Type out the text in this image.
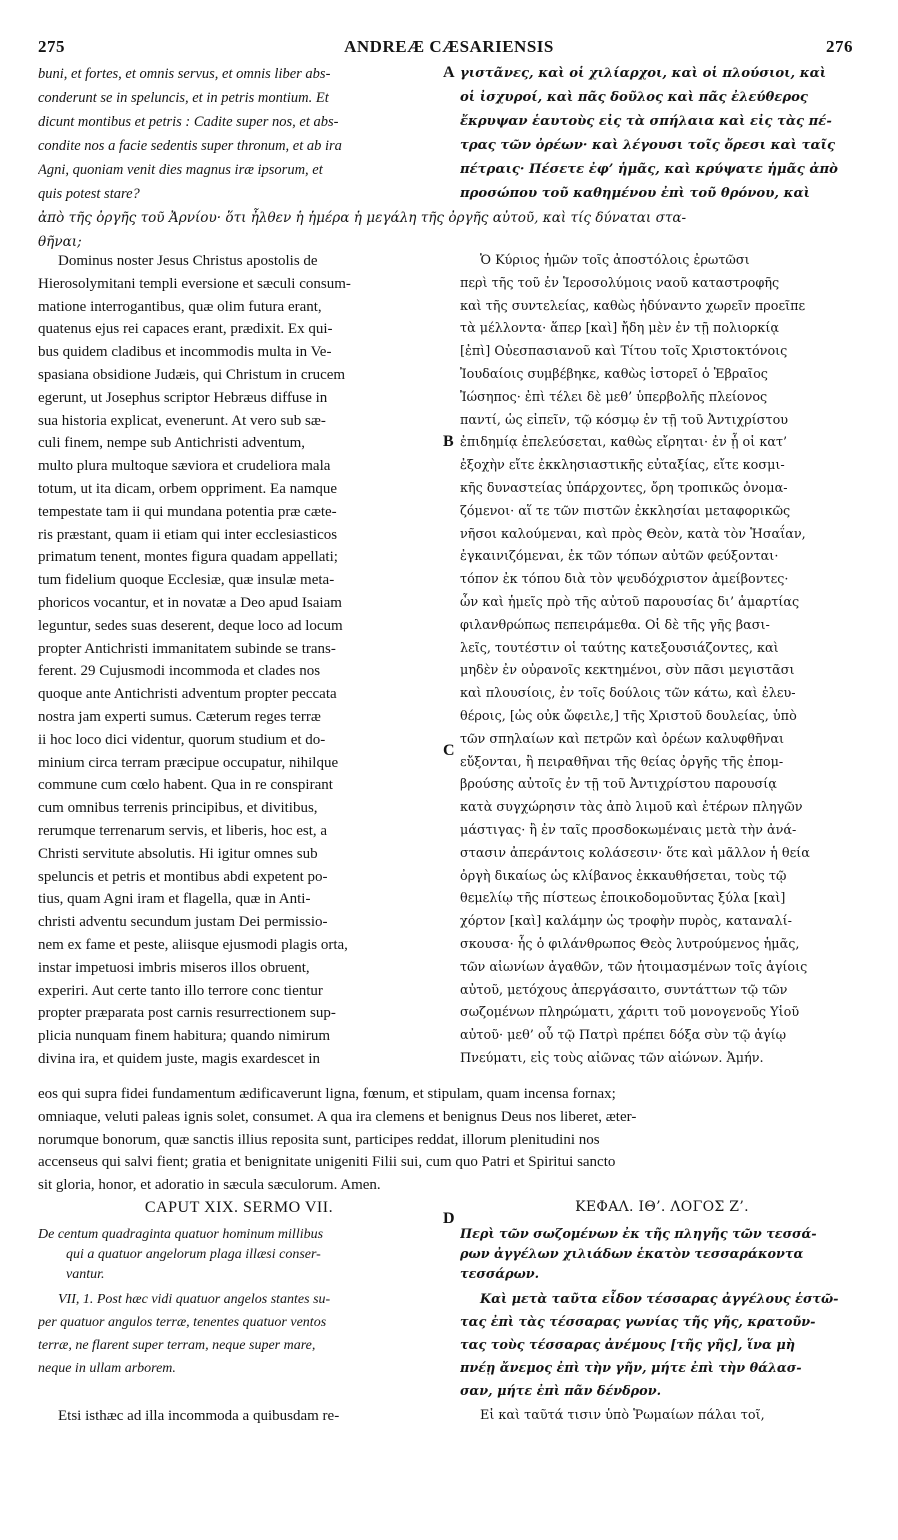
275	ANDREÆ CÆSARIENSIS	276
A
B
C
D
buni, et fortes, et omnis servus, et omnis liber abs-
conderunt se in speluncis, et in petris montium. Et
dicunt montibus et petris : Cadite super nos, et abs-
condite nos a facie sedentis super thronum, et ab ira
Agni, quoniam venit dies magnus iræ ipsorum, et
quis potest stare?
γιστᾶνες, καὶ οἱ χιλίαρχοι, καὶ οἱ πλούσιοι, καὶ
οἱ ἰσχυροί, καὶ πᾶς δοῦλος καὶ πᾶς ἐλεύθερος
ἔκρυψαν ἑαυτοὺς εἰς τὰ σπήλαια καὶ εἰς τὰς πέ-
τρας τῶν ὀρέων· καὶ λέγουσι τοῖς ὄρεσι καὶ ταῖς
πέτραις· Πέσετε ἐφ’ ἡμᾶς, καὶ κρύψατε ἡμᾶς ἀπὸ
προσώπου τοῦ καθημένου ἐπὶ τοῦ θρόνου, καὶ
ἀπὸ τῆς ὀργῆς τοῦ Ἀρνίου· ὅτι ἦλθεν ἡ ἡμέρα ἡ μεγάλη τῆς ὀργῆς αὐτοῦ, καὶ τίς δύναται στα-
θῆναι;
Dominus noster Jesus Christus apostolis de
Hierosolymitani templi eversione et sæculi consum-
matione interrogantibus, quæ olim futura erant,
quatenus ejus rei capaces erant, prædixit. Ex qui-
bus quidem cladibus et incommodis multa in Ve-
spasiana obsidione Judæis, qui Christum in crucem
egerunt, ut Josephus scriptor Hebræus diffuse in
sua historia explicat, evenerunt. At vero sub sæ-
culi finem, nempe sub Antichristi adventum,
multo plura multoque sæviora et crudeliora mala
totum, ut ita dicam, orbem oppriment. Ea namque
tempestate tam ii qui mundana potentia præ cæte-
ris præstant, quam ii etiam qui inter ecclesiasticos
primatum tenent, montes figura quadam appellati;
tum fidelium quoque Ecclesiæ, quæ insulæ meta-
phoricos vocantur, et in novatæ a Deo apud Isaiam
leguntur, sedes suas deserent, deque loco ad locum
propter Antichristi immanitatem subinde se trans-
ferent. 29 Cujusmodi incommoda et clades nos
quoque ante Antichristi adventum propter peccata
nostra jam experti sumus. Cæterum reges terræ
ii hoc loco dici videntur, quorum studium et do-
minium circa terram præcipue occupatur, nihilque
commune cum cœlo habent. Qua in re conspirant
cum omnibus terrenis principibus, et divitibus,
rerumque terrenarum servis, et liberis, hoc est, a
Christi servitute absolutis. Hi igitur omnes sub
speluncis et petris et montibus abdi expetent po-
tius, quam Agni iram et flagella, quæ in Anti-
christi adventu secundum justam Dei permissio-
nem ex fame et peste, aliisque ejusmodi plagis orta,
instar impetuosi imbris miseros illos obruent,
experiri. Aut certe tanto illo terrore conc tientur
propter præparata post carnis resurrectionem sup-
plicia nunquam finem habitura; quando nimirum
divina ira, et quidem juste, magis exardescet in
Ὁ Κύριος ἡμῶν τοῖς ἀποστόλοις ἐρωτῶσι
περὶ τῆς τοῦ ἐν Ἱεροσολύμοις ναοῦ καταστροφῆς
καὶ τῆς συντελείας, καθὼς ἠδύναντο χωρεῖν προεῖπε
τὰ μέλλοντα· ἅπερ [καὶ] ἤδη μὲν ἐν τῇ πολιορκίᾳ
[ἐπὶ] Οὐεσπασιανοῦ καὶ Τίτου τοῖς Χριστοκτόνοις
Ἰουδαίοις συμβέβηκε, καθὼς ἱστορεῖ ὁ Ἑβραῖος
Ἰώσηπος· ἐπὶ τέλει δὲ μεθ’ ὑπερβολῆς πλείονος
παντί, ὡς εἰπεῖν, τῷ κόσμῳ ἐν τῇ τοῦ Ἀντιχρίστου
ἐπιδημίᾳ ἐπελεύσεται, καθὼς εἴρηται· ἐν ᾗ οἱ κατ’
ἐξοχὴν εἴτε ἐκκλησιαστικῆς εὐταξίας, εἴτε κοσμι-
κῆς δυναστείας ὑπάρχοντες, ὄρη τροπικῶς ὀνομα-
ζόμενοι· αἵ τε τῶν πιστῶν ἐκκλησίαι μεταφορικῶς
νῆσοι καλούμεναι, καὶ πρὸς Θεὸν, κατὰ τὸν Ἡσαΐαν,
ἐγκαινιζόμεναι, ἐκ τῶν τόπων αὐτῶν φεύξονται·
τόπον ἐκ τόπου διὰ τὸν ψευδόχριστον ἀμείβοντες·
ὧν καὶ ἡμεῖς πρὸ τῆς αὐτοῦ παρουσίας δι’ ἁμαρτίας
φιλανθρώπως πεπειράμεθα. Οἱ δὲ τῆς γῆς βασι-
λεῖς, τουτέστιν οἱ ταύτης κατεξουσιάζοντες, καὶ
μηδὲν ἐν οὐρανοῖς κεκτημένοι, σὺν πᾶσι μεγιστᾶσι
καὶ πλουσίοις, ἐν τοῖς δούλοις τῶν κάτω, καὶ ἐλευ-
θέροις, [ὡς οὐκ ὤφειλε,] τῆς Χριστοῦ δουλείας, ὑπὸ
τῶν σπηλαίων καὶ πετρῶν καὶ ὀρέων καλυφθῆναι
εὔξονται, ἢ πειραθῆναι τῆς θείας ὀργῆς τῆς ἐπομ-
βρούσης αὐτοῖς ἐν τῇ τοῦ Ἀντιχρίστου παρουσίᾳ
κατὰ συγχώρησιν τὰς ἀπὸ λιμοῦ καὶ ἑτέρων πληγῶν
μάστιγας· ἢ ἐν ταῖς προσδοκωμέναις μετὰ τὴν ἀνά-
στασιν ἀπεράντοις κολάσεσιν· ὅτε καὶ μᾶλλον ἡ θεία
ὀργὴ δικαίως ὡς κλίβανος ἐκκαυθήσεται, τοὺς τῷ
θεμελίῳ τῆς πίστεως ἐποικοδομοῦντας ξύλα [καὶ]
χόρτον [καὶ] καλάμην ὡς τροφὴν πυρὸς, καταναλί-
σκουσα· ἧς ὁ φιλάνθρωπος Θεὸς λυτρούμενος ἡμᾶς,
τῶν αἰωνίων ἀγαθῶν, τῶν ἡτοιμασμένων τοῖς ἁγίοις
αὐτοῦ, μετόχους ἀπεργάσαιτο, συντάττων τῷ τῶν
σωζομένων πληρώματι, χάριτι τοῦ μονογενοῦς Υἱοῦ
αὐτοῦ· μεθ’ οὗ τῷ Πατρὶ πρέπει δόξα σὺν τῷ ἁγίῳ
Πνεύματι, εἰς τοὺς αἰῶνας τῶν αἰώνων. Ἀμήν.
eos qui supra fidei fundamentum ædificaverunt ligna, fœnum, et stipulam, quam incensa fornax;
omniaque, veluti paleas ignis solet, consumet. A qua ira clemens et benignus Deus nos liberet, æter-
norumque bonorum, quæ sanctis illius reposita sunt, participes reddat, illorum plenitudini nos
accenseus qui salvi fient; gratia et benignitate unigeniti Filii sui, cum quo Patri et Spiritui sancto
sit gloria, honor, et adoratio in sæcula sæculorum. Amen.
CAPUT XIX. SERMO VII.
De centum quadraginta quatuor hominum millibus
qui a quatuor angelorum plaga illæsi conser-
vantur.
VII, 1. Post hæc vidi quatuor angelos stantes su-
per quatuor angulos terræ, tenentes quatuor ventos
terræ, ne flarent super terram, neque super mare,
neque in ullam arborem.
Etsi isthæc ad illa incommoda a quibusdam re-
ΚΕΦΑΛ. ΙΘ’. ΛΟΓΟΣ Ζ’.
Περὶ τῶν σωζομένων ἐκ τῆς πληγῆς τῶν τεσσά-
ρων ἀγγέλων χιλιάδων ἑκατὸν τεσσαράκοντα
τεσσάρων.
Καὶ μετὰ ταῦτα εἶδον τέσσαρας ἀγγέλους ἑστῶ-
τας ἐπὶ τὰς τέσσαρας γωνίας τῆς γῆς, κρατοῦν-
τας τοὺς τέσσαρας ἀνέμους [τῆς γῆς], ἵνα μὴ
πνέῃ ἄνεμος ἐπὶ τὴν γῆν, μήτε ἐπὶ τὴν θάλασ-
σαν, μήτε ἐπὶ πᾶν δένδρον.
Εἰ καὶ ταῦτά τισιν ὑπὸ Ῥωμαίων πάλαι τοῖ,
